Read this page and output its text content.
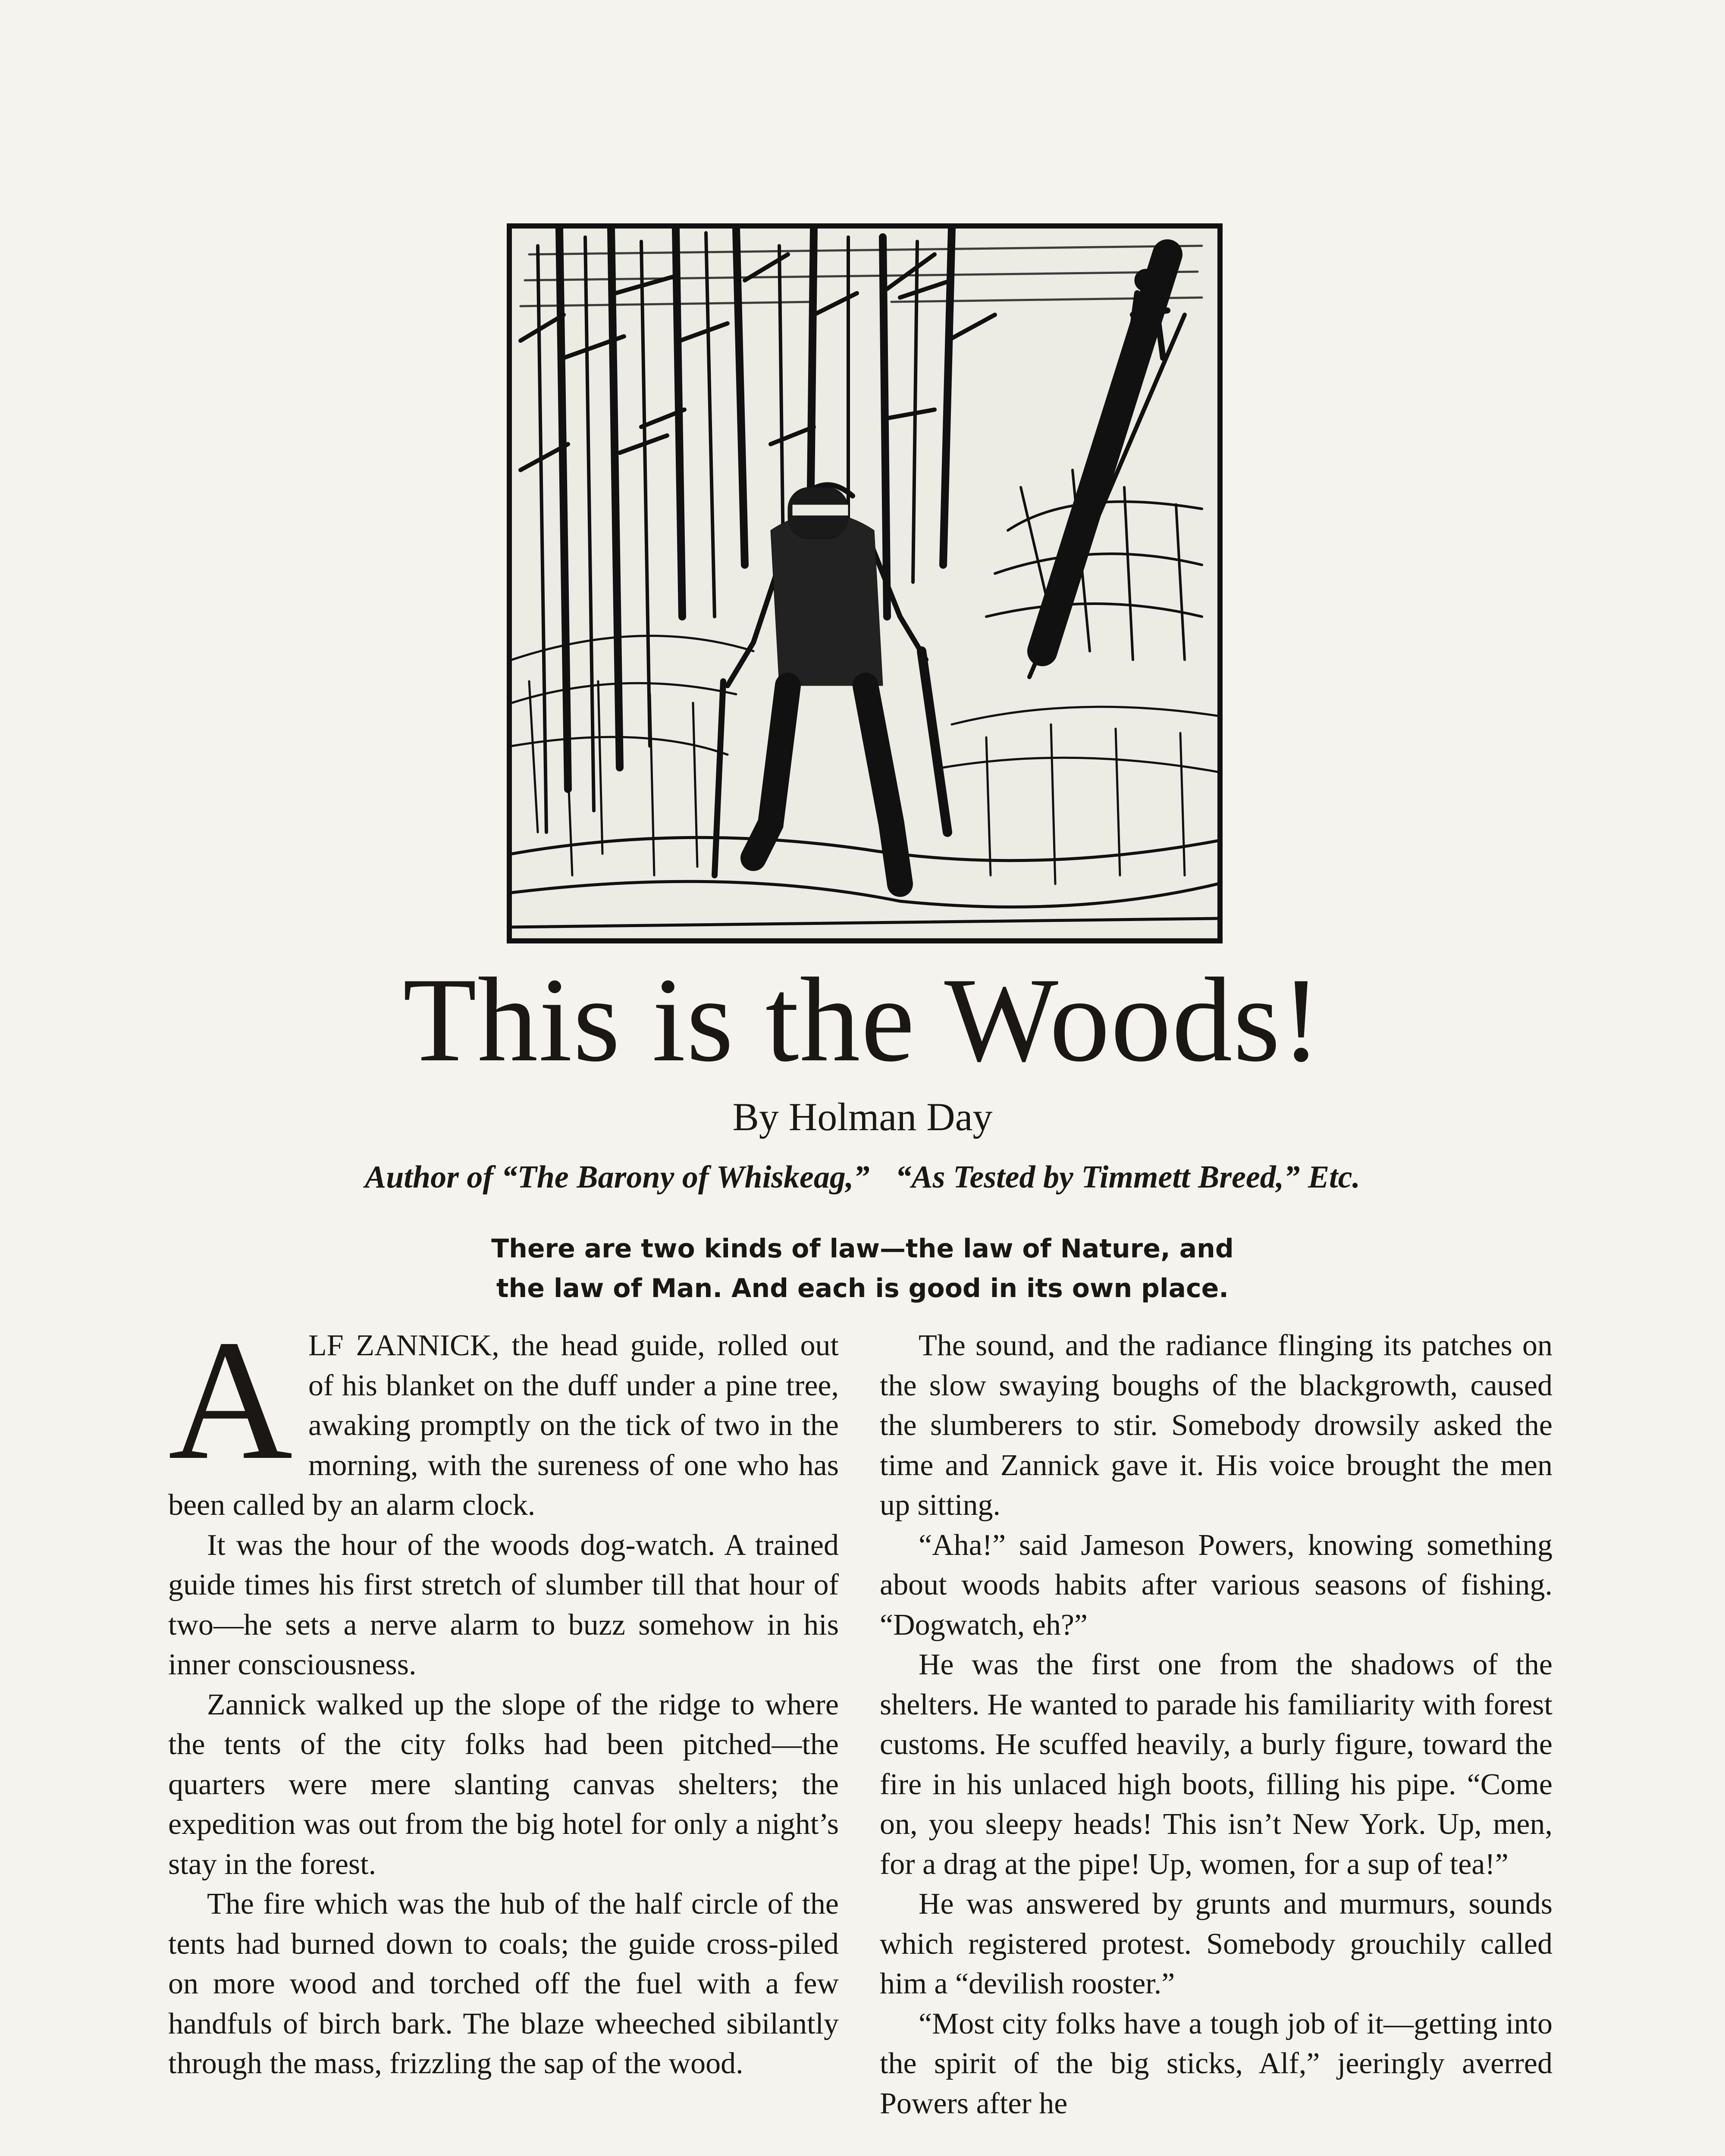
This is the Woods!
By Holman Day
Author of “The Barony of Whiskeag,” “As Tested by Timmett Breed,” Etc.
There are two kinds of law—the law of Nature, and
the law of Man. And each is good in its own place.

ALF ZANNICK, the head guide, rolled out of his blanket on the duff under a pine tree, awaking promptly on the tick of two in the morning, with the sureness of one who has been called by an alarm clock.

It was the hour of the woods dog-watch. A trained guide times his first stretch of slumber till that hour of two—he sets a nerve alarm to buzz somehow in his inner consciousness.

Zannick walked up the slope of the ridge to where the tents of the city folks had been pitched—the quarters were mere slanting canvas shelters; the expedition was out from the big hotel for only a night’s stay in the forest.

The fire which was the hub of the half circle of the tents had burned down to coals; the guide cross-piled on more wood and torched off the fuel with a few handfuls of birch bark. The blaze wheeched sibilantly through the mass, frizzling the sap of the wood.

The sound, and the radiance flinging its patches on the slow swaying boughs of the blackgrowth, caused the slumberers to stir. Somebody drowsily asked the time and Zannick gave it. His voice brought the men up sitting.

“Aha!” said Jameson Powers, knowing something about woods habits after various seasons of fishing. “Dogwatch, eh?”

He was the first one from the shadows of the shelters. He wanted to parade his familiarity with forest customs. He scuffed heavily, a burly figure, toward the fire in his unlaced high boots, filling his pipe. “Come on, you sleepy heads! This isn’t New York. Up, men, for a drag at the pipe! Up, women, for a sup of tea!”

He was answered by grunts and murmurs, sounds which registered protest. Somebody grouchily called him a “devilish rooster.”

“Most city folks have a tough job of it—getting into the spirit of the big sticks, Alf,” jeeringly averred Powers after he
